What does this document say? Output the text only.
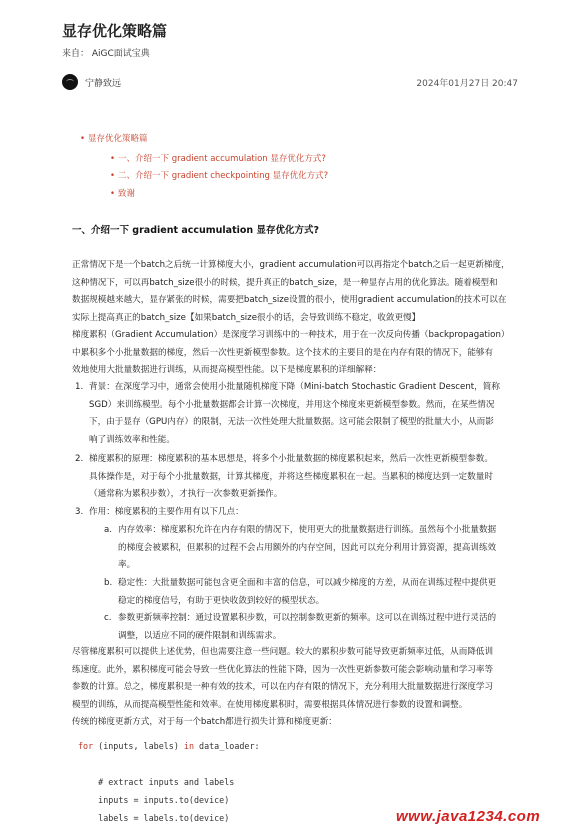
显存优化策略篇
来自： AiGC面试宝典
宁静致远	2024年01月27日 20:47
• 显存优化策略篇
• 一、介绍一下 gradient accumulation 显存优化方式?
• 二、介绍一下 gradient checkpointing 显存优化方式?
• 致谢
一、介绍一下 gradient accumulation 显存优化方式?
正常情况下是一个batch之后统一计算梯度大小，gradient accumulation可以再指定个batch之后一起更新梯度，
这种情况下，可以再batch_size很小的时候，提升真正的batch_size，是一种显存占用的优化算法。随着模型和
数据规模越来越大，显存紧张的时候，需要把batch_size设置的很小，使用gradient accumulation的技术可以在
实际上提高真正的batch_size【如果batch_size很小的话，会导致训练不稳定，收敛更慢】
梯度累积（Gradient Accumulation）是深度学习训练中的一种技术，用于在一次反向传播（backpropagation）
中累积多个小批量数据的梯度，然后一次性更新模型参数。这个技术的主要目的是在内存有限的情况下，能够有
效地使用大批量数据进行训练，从而提高模型性能。以下是梯度累积的详细解释：
1. 背景：在深度学习中，通常会使用小批量随机梯度下降（Mini-batch Stochastic Gradient Descent，简称
SGD）来训练模型。每个小批量数据都会计算一次梯度，并用这个梯度来更新模型参数。然而，在某些情况
下，由于显存（GPU内存）的限制，无法一次性处理大批量数据。这可能会限制了模型的批量大小，从而影
响了训练效率和性能。
2. 梯度累积的原理：梯度累积的基本思想是，将多个小批量数据的梯度累积起来，然后一次性更新模型参数。
具体操作是，对于每个小批量数据，计算其梯度，并将这些梯度累积在一起。当累积的梯度达到一定数量时
（通常称为累积步数），才执行一次参数更新操作。
3. 作用：梯度累积的主要作用有以下几点：
a. 内存效率：梯度累积允许在内存有限的情况下，使用更大的批量数据进行训练。虽然每个小批量数据
的梯度会被累积，但累积的过程不会占用额外的内存空间，因此可以充分利用计算资源，提高训练效
率。
b. 稳定性：大批量数据可能包含更全面和丰富的信息，可以减少梯度的方差，从而在训练过程中提供更
稳定的梯度信号，有助于更快收敛到较好的模型状态。
c. 参数更新频率控制：通过设置累积步数，可以控制参数更新的频率。这可以在训练过程中进行灵活的
调整，以适应不同的硬件限制和训练需求。
尽管梯度累积可以提供上述优势，但也需要注意一些问题。较大的累积步数可能导致更新频率过低，从而降低训
练速度。此外，累积梯度可能会导致一些优化算法的性能下降，因为一次性更新参数可能会影响动量和学习率等
参数的计算。总之，梯度累积是一种有效的技术，可以在内存有限的情况下，充分利用大批量数据进行深度学习
模型的训练，从而提高模型性能和效率。在使用梯度累积时，需要根据具体情况进行参数的设置和调整。
传统的梯度更新方式，对于每一个batch都进行损失计算和梯度更新：
for (inputs, labels) in data_loader:
# extract inputs and labels
inputs = inputs.to(device)
labels = labels.to(device)	www.java1234.com
